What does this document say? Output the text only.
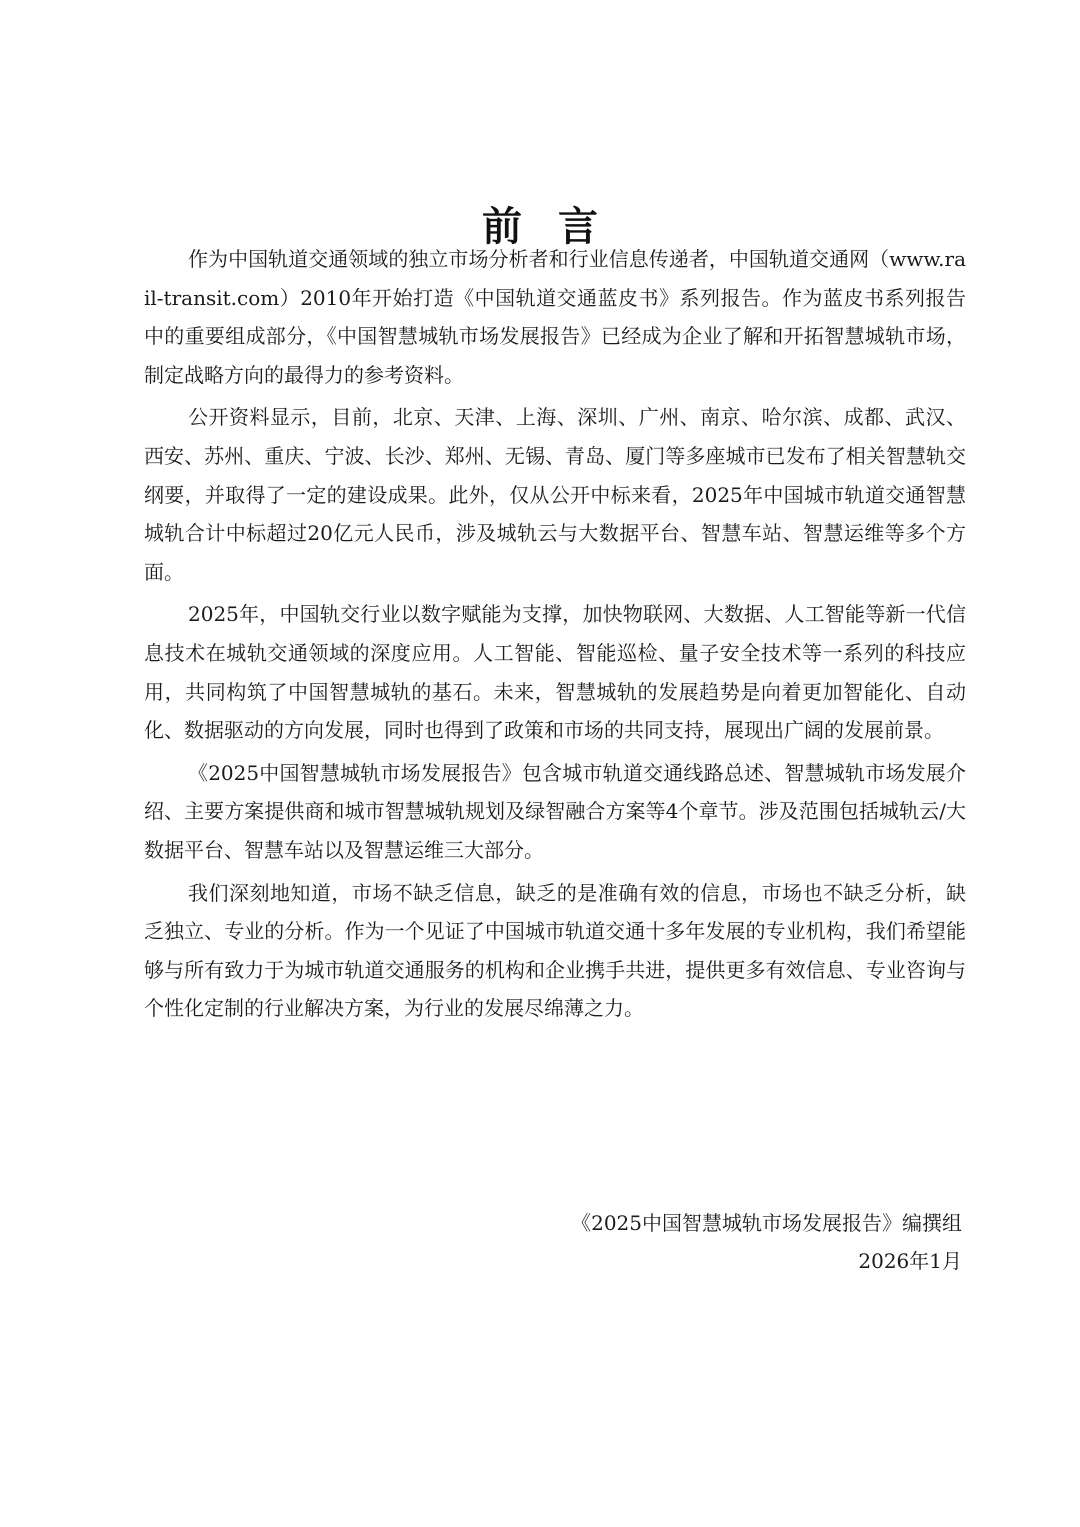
前言

作为中国轨道交通领域的独立市场分析者和行业信息传递者，中国轨道交通网（www.rail-transit.com）2010年开始打造《中国轨道交通蓝皮书》系列报告。作为蓝皮书系列报告中的重要组成部分，《中国智慧城轨市场发展报告》已经成为企业了解和开拓智慧城轨市场，制定战略方向的最得力的参考资料。

公开资料显示，目前，北京、天津、上海、深圳、广州、南京、哈尔滨、成都、武汉、西安、苏州、重庆、宁波、长沙、郑州、无锡、青岛、厦门等多座城市已发布了相关智慧轨交纲要，并取得了一定的建设成果。此外，仅从公开中标来看，2025年中国城市轨道交通智慧城轨合计中标超过20亿元人民币，涉及城轨云与大数据平台、智慧车站、智慧运维等多个方面。

2025年，中国轨交行业以数字赋能为支撑，加快物联网、大数据、人工智能等新一代信息技术在城轨交通领域的深度应用。人工智能、智能巡检、量子安全技术等一系列的科技应用，共同构筑了中国智慧城轨的基石。未来，智慧城轨的发展趋势是向着更加智能化、自动化、数据驱动的方向发展，同时也得到了政策和市场的共同支持，展现出广阔的发展前景。

《2025中国智慧城轨市场发展报告》包含城市轨道交通线路总述、智慧城轨市场发展介绍、主要方案提供商和城市智慧城轨规划及绿智融合方案等4个章节。涉及范围包括城轨云/大数据平台、智慧车站以及智慧运维三大部分。

我们深刻地知道，市场不缺乏信息，缺乏的是准确有效的信息，市场也不缺乏分析，缺乏独立、专业的分析。作为一个见证了中国城市轨道交通十多年发展的专业机构，我们希望能够与所有致力于为城市轨道交通服务的机构和企业携手共进，提供更多有效信息、专业咨询与个性化定制的行业解决方案，为行业的发展尽绵薄之力。

《2025中国智慧城轨市场发展报告》编撰组
2026年1月
